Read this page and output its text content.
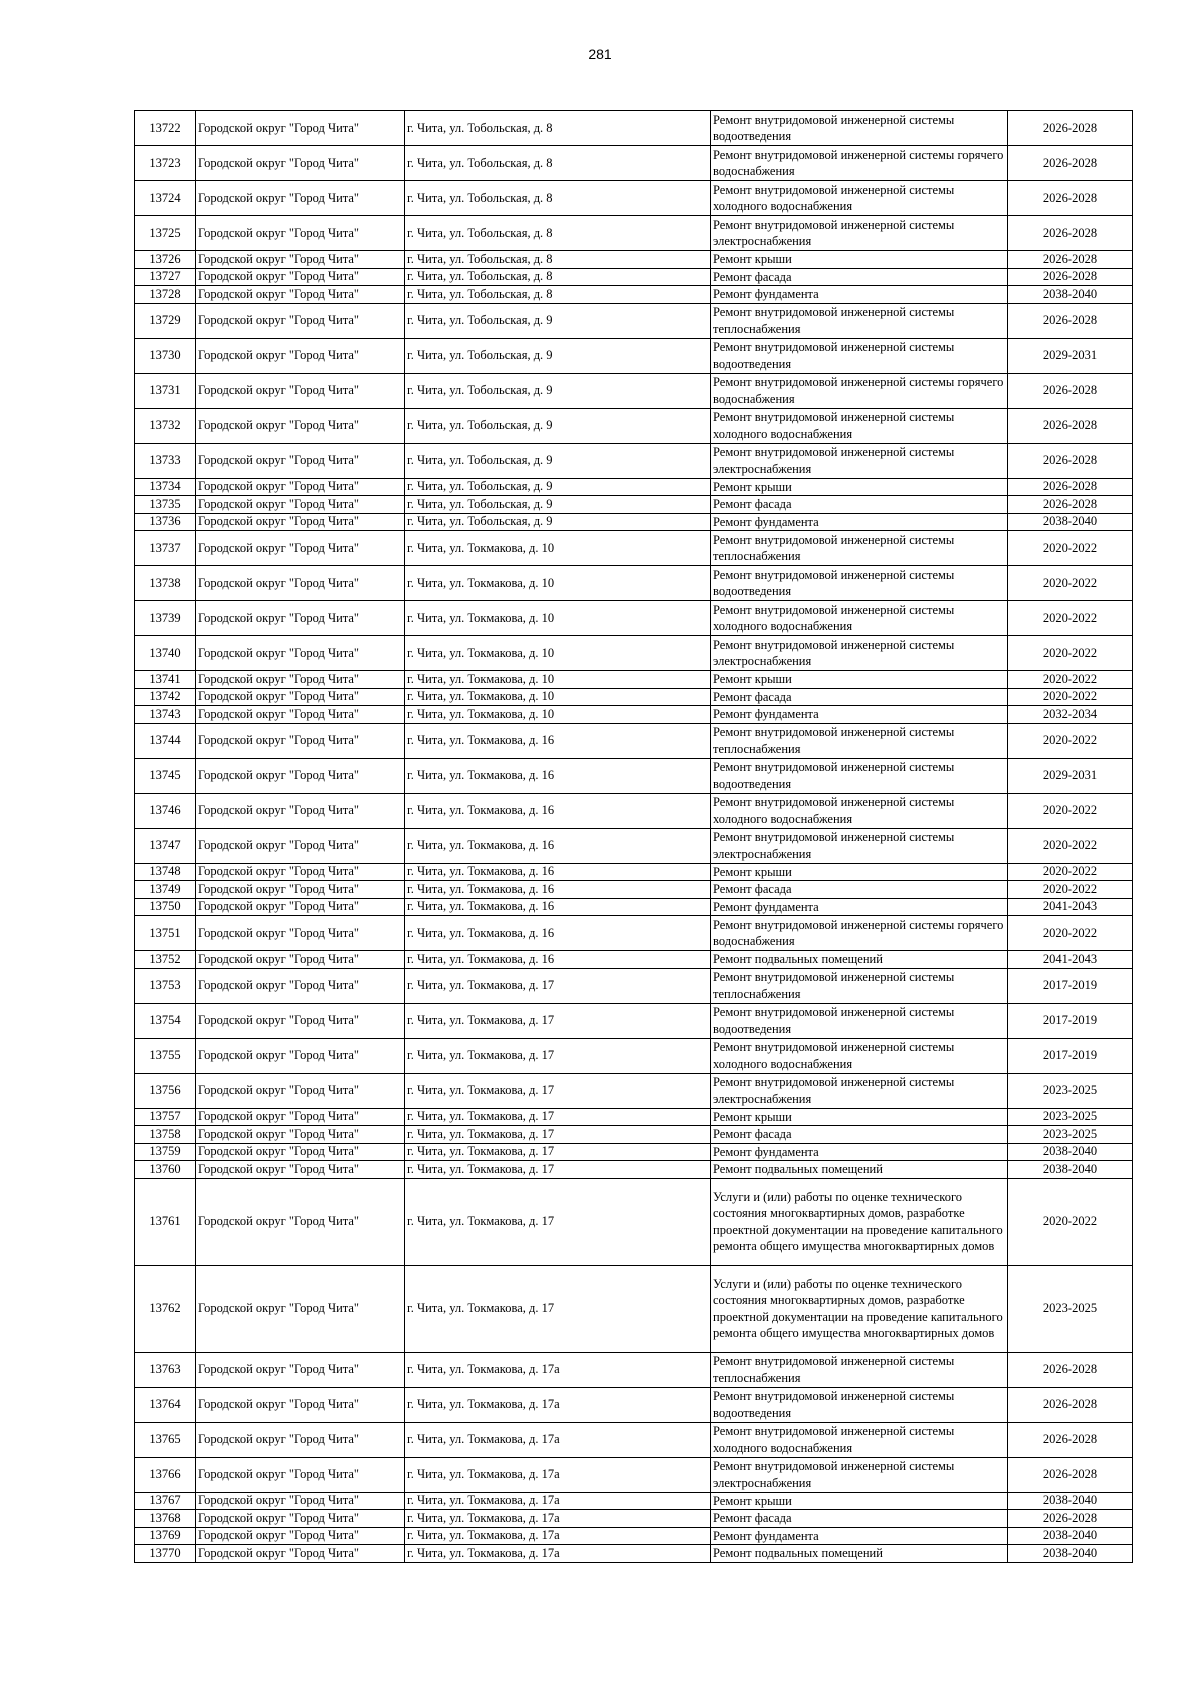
281
13722	Городской округ "Город Чита"	г. Чита, ул. Тобольская, д. 8	Ремонт внутридомовой инженерной системы водоотведения	2026-2028
13723	Городской округ "Город Чита"	г. Чита, ул. Тобольская, д. 8	Ремонт внутридомовой инженерной системы горячего водоснабжения	2026-2028
13724	Городской округ "Город Чита"	г. Чита, ул. Тобольская, д. 8	Ремонт внутридомовой инженерной системы холодного водоснабжения	2026-2028
13725	Городской округ "Город Чита"	г. Чита, ул. Тобольская, д. 8	Ремонт внутридомовой инженерной системы электроснабжения	2026-2028
13726	Городской округ "Город Чита"	г. Чита, ул. Тобольская, д. 8	Ремонт крыши	2026-2028
13727	Городской округ "Город Чита"	г. Чита, ул. Тобольская, д. 8	Ремонт фасада	2026-2028
13728	Городской округ "Город Чита"	г. Чита, ул. Тобольская, д. 8	Ремонт фундамента	2038-2040
13729	Городской округ "Город Чита"	г. Чита, ул. Тобольская, д. 9	Ремонт внутридомовой инженерной системы теплоснабжения	2026-2028
13730	Городской округ "Город Чита"	г. Чита, ул. Тобольская, д. 9	Ремонт внутридомовой инженерной системы водоотведения	2029-2031
13731	Городской округ "Город Чита"	г. Чита, ул. Тобольская, д. 9	Ремонт внутридомовой инженерной системы горячего водоснабжения	2026-2028
13732	Городской округ "Город Чита"	г. Чита, ул. Тобольская, д. 9	Ремонт внутридомовой инженерной системы холодного водоснабжения	2026-2028
13733	Городской округ "Город Чита"	г. Чита, ул. Тобольская, д. 9	Ремонт внутридомовой инженерной системы электроснабжения	2026-2028
13734	Городской округ "Город Чита"	г. Чита, ул. Тобольская, д. 9	Ремонт крыши	2026-2028
13735	Городской округ "Город Чита"	г. Чита, ул. Тобольская, д. 9	Ремонт фасада	2026-2028
13736	Городской округ "Город Чита"	г. Чита, ул. Тобольская, д. 9	Ремонт фундамента	2038-2040
13737	Городской округ "Город Чита"	г. Чита, ул. Токмакова, д. 10	Ремонт внутридомовой инженерной системы теплоснабжения	2020-2022
13738	Городской округ "Город Чита"	г. Чита, ул. Токмакова, д. 10	Ремонт внутридомовой инженерной системы водоотведения	2020-2022
13739	Городской округ "Город Чита"	г. Чита, ул. Токмакова, д. 10	Ремонт внутридомовой инженерной системы холодного водоснабжения	2020-2022
13740	Городской округ "Город Чита"	г. Чита, ул. Токмакова, д. 10	Ремонт внутридомовой инженерной системы электроснабжения	2020-2022
13741	Городской округ "Город Чита"	г. Чита, ул. Токмакова, д. 10	Ремонт крыши	2020-2022
13742	Городской округ "Город Чита"	г. Чита, ул. Токмакова, д. 10	Ремонт фасада	2020-2022
13743	Городской округ "Город Чита"	г. Чита, ул. Токмакова, д. 10	Ремонт фундамента	2032-2034
13744	Городской округ "Город Чита"	г. Чита, ул. Токмакова, д. 16	Ремонт внутридомовой инженерной системы теплоснабжения	2020-2022
13745	Городской округ "Город Чита"	г. Чита, ул. Токмакова, д. 16	Ремонт внутридомовой инженерной системы водоотведения	2029-2031
13746	Городской округ "Город Чита"	г. Чита, ул. Токмакова, д. 16	Ремонт внутридомовой инженерной системы холодного водоснабжения	2020-2022
13747	Городской округ "Город Чита"	г. Чита, ул. Токмакова, д. 16	Ремонт внутридомовой инженерной системы электроснабжения	2020-2022
13748	Городской округ "Город Чита"	г. Чита, ул. Токмакова, д. 16	Ремонт крыши	2020-2022
13749	Городской округ "Город Чита"	г. Чита, ул. Токмакова, д. 16	Ремонт фасада	2020-2022
13750	Городской округ "Город Чита"	г. Чита, ул. Токмакова, д. 16	Ремонт фундамента	2041-2043
13751	Городской округ "Город Чита"	г. Чита, ул. Токмакова, д. 16	Ремонт внутридомовой инженерной системы горячего водоснабжения	2020-2022
13752	Городской округ "Город Чита"	г. Чита, ул. Токмакова, д. 16	Ремонт подвальных помещений	2041-2043
13753	Городской округ "Город Чита"	г. Чита, ул. Токмакова, д. 17	Ремонт внутридомовой инженерной системы теплоснабжения	2017-2019
13754	Городской округ "Город Чита"	г. Чита, ул. Токмакова, д. 17	Ремонт внутридомовой инженерной системы водоотведения	2017-2019
13755	Городской округ "Город Чита"	г. Чита, ул. Токмакова, д. 17	Ремонт внутридомовой инженерной системы холодного водоснабжения	2017-2019
13756	Городской округ "Город Чита"	г. Чита, ул. Токмакова, д. 17	Ремонт внутридомовой инженерной системы электроснабжения	2023-2025
13757	Городской округ "Город Чита"	г. Чита, ул. Токмакова, д. 17	Ремонт крыши	2023-2025
13758	Городской округ "Город Чита"	г. Чита, ул. Токмакова, д. 17	Ремонт фасада	2023-2025
13759	Городской округ "Город Чита"	г. Чита, ул. Токмакова, д. 17	Ремонт фундамента	2038-2040
13760	Городской округ "Город Чита"	г. Чита, ул. Токмакова, д. 17	Ремонт подвальных помещений	2038-2040
13761	Городской округ "Город Чита"	г. Чита, ул. Токмакова, д. 17	Услуги и (или) работы по оценке технического состояния многоквартирных домов, разработке проектной документации на проведение капитального ремонта общего имущества многоквартирных домов	2020-2022
13762	Городской округ "Город Чита"	г. Чита, ул. Токмакова, д. 17	Услуги и (или) работы по оценке технического состояния многоквартирных домов, разработке проектной документации на проведение капитального ремонта общего имущества многоквартирных домов	2023-2025
13763	Городской округ "Город Чита"	г. Чита, ул. Токмакова, д. 17а	Ремонт внутридомовой инженерной системы теплоснабжения	2026-2028
13764	Городской округ "Город Чита"	г. Чита, ул. Токмакова, д. 17а	Ремонт внутридомовой инженерной системы водоотведения	2026-2028
13765	Городской округ "Город Чита"	г. Чита, ул. Токмакова, д. 17а	Ремонт внутридомовой инженерной системы холодного водоснабжения	2026-2028
13766	Городской округ "Город Чита"	г. Чита, ул. Токмакова, д. 17а	Ремонт внутридомовой инженерной системы электроснабжения	2026-2028
13767	Городской округ "Город Чита"	г. Чита, ул. Токмакова, д. 17а	Ремонт крыши	2038-2040
13768	Городской округ "Город Чита"	г. Чита, ул. Токмакова, д. 17а	Ремонт фасада	2026-2028
13769	Городской округ "Город Чита"	г. Чита, ул. Токмакова, д. 17а	Ремонт фундамента	2038-2040
13770	Городской округ "Город Чита"	г. Чита, ул. Токмакова, д. 17а	Ремонт подвальных помещений	2038-2040
